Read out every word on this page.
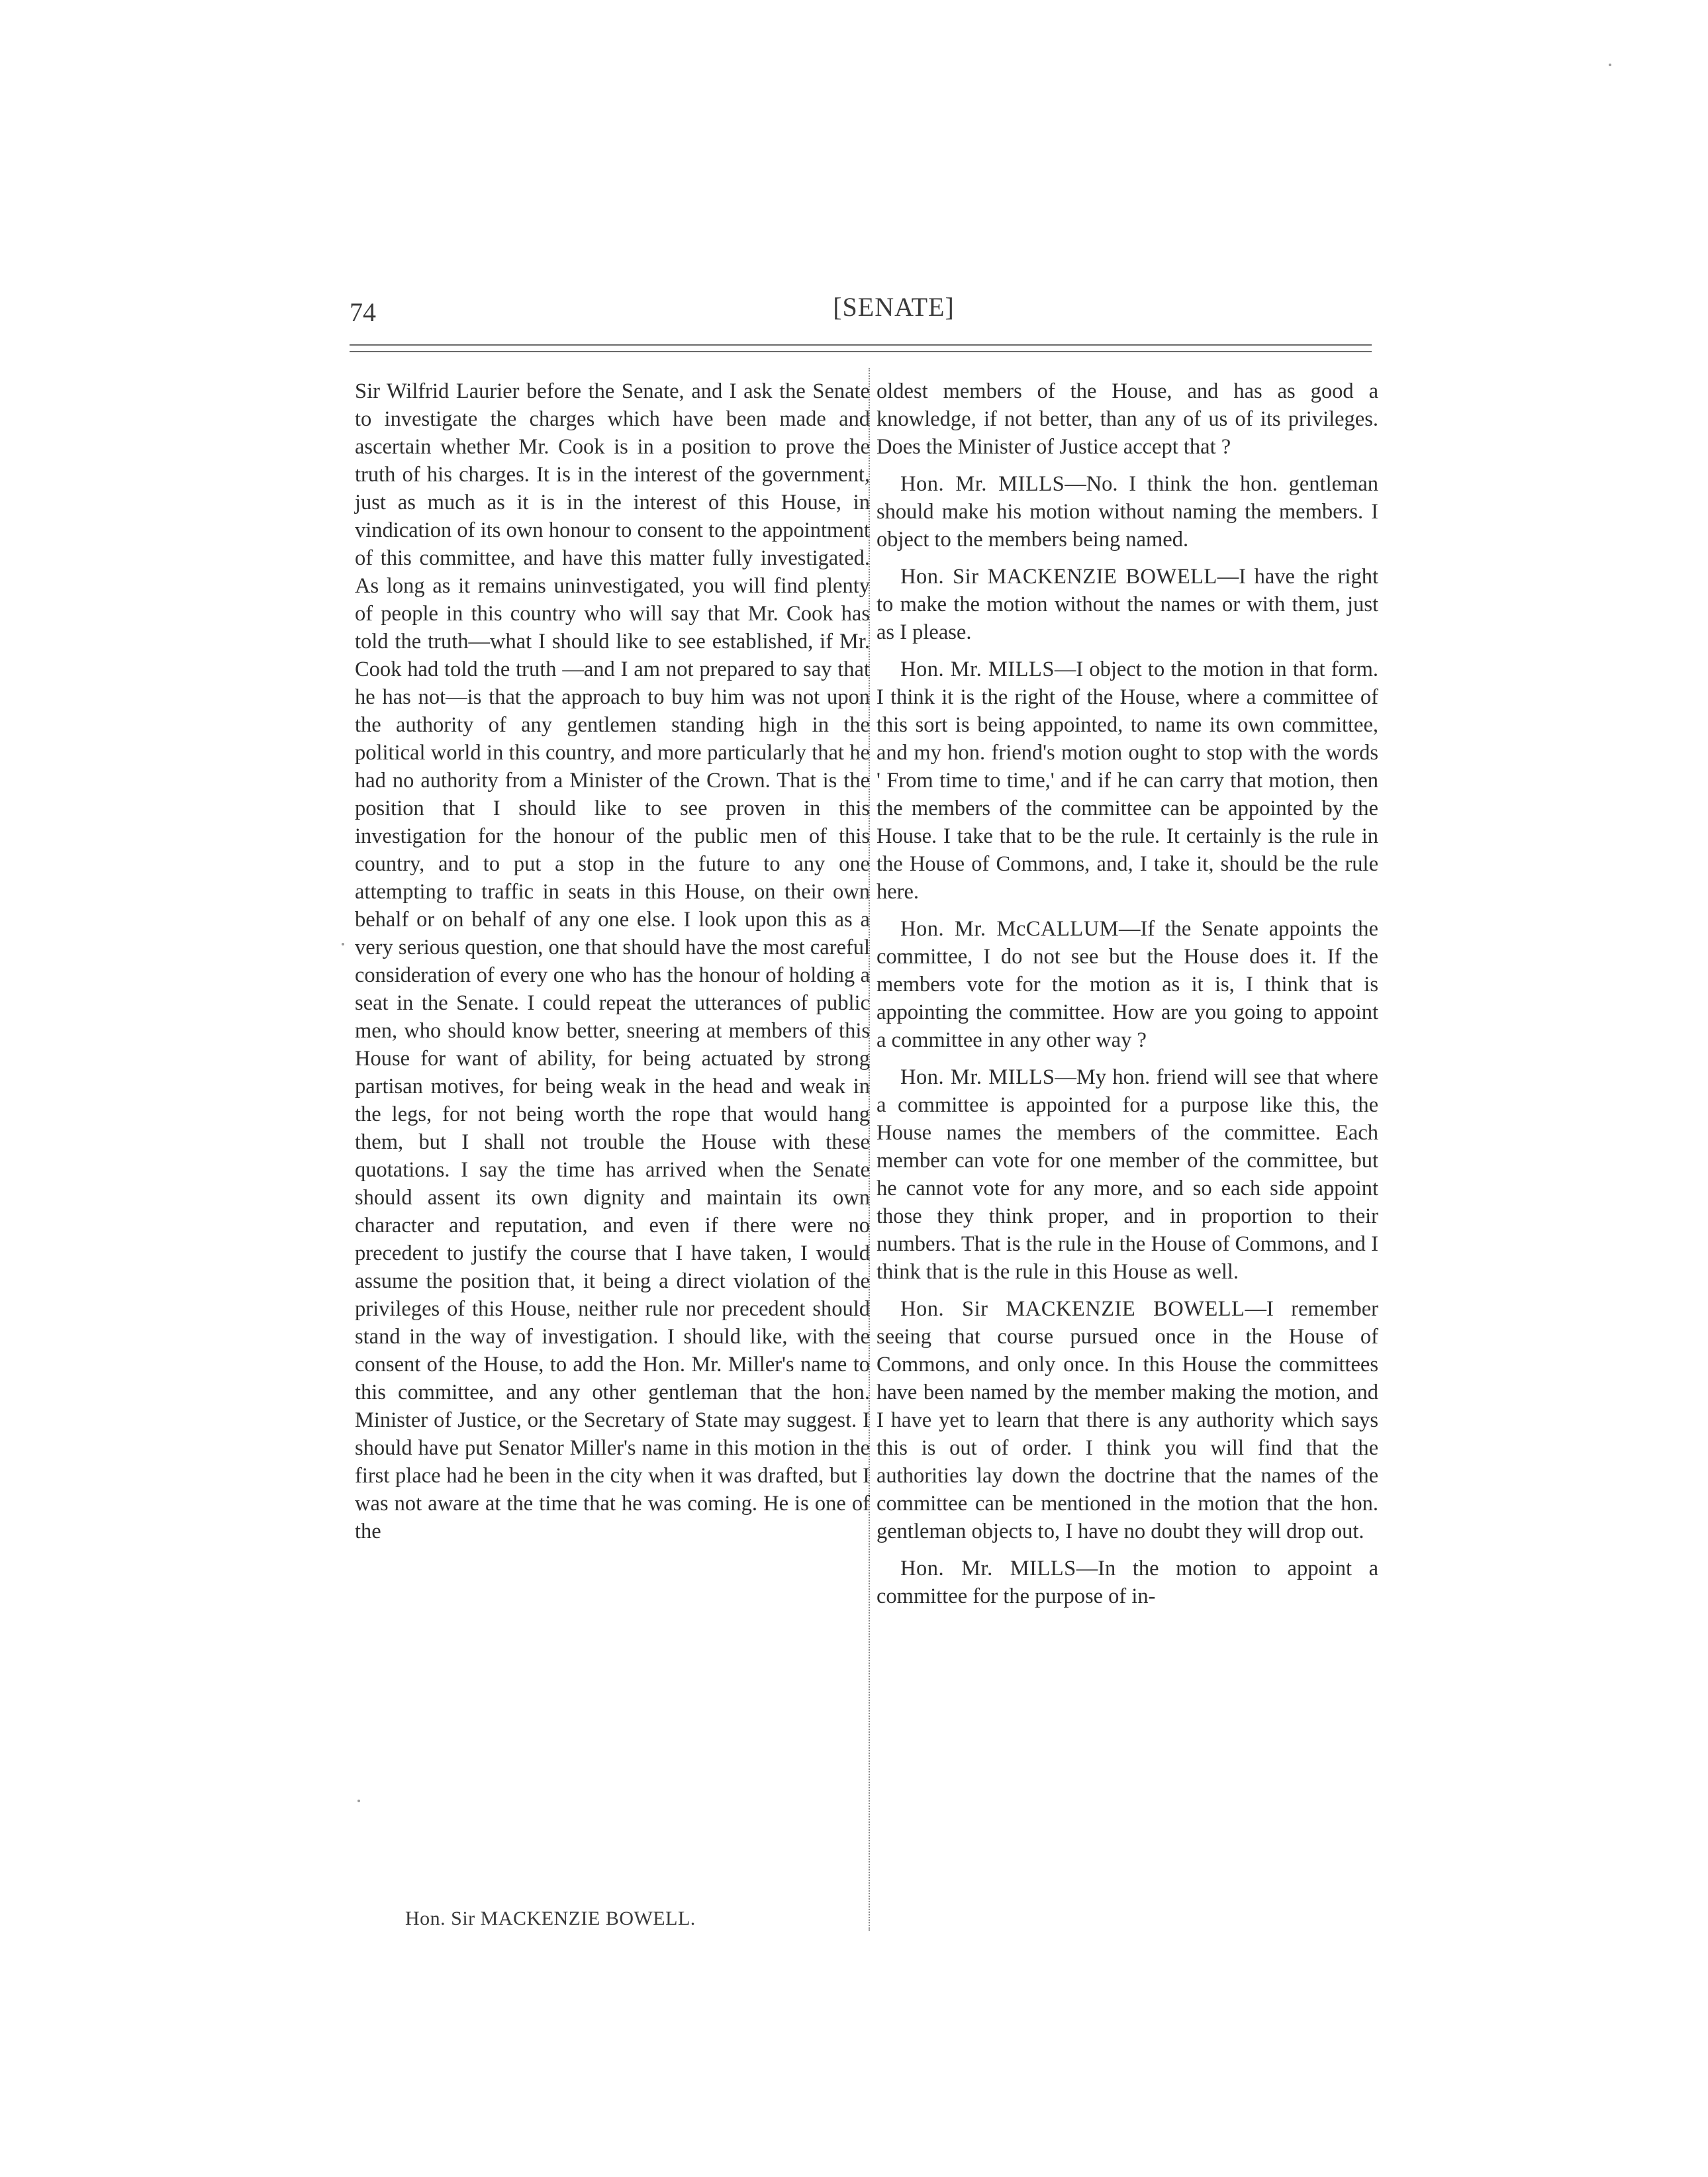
74	[SENATE]

Sir Wilfrid Laurier before the Senate, and I ask the Senate to investigate the charges which have been made and ascertain whether Mr. Cook is in a position to prove the truth of his charges. It is in the interest of the government, just as much as it is in the interest of this House, in vindication of its own honour to consent to the appointment of this committee, and have this matter fully investigated. As long as it remains uninvestigated, you will find plenty of people in this country who will say that Mr. Cook has told the truth—what I should like to see established, if Mr. Cook had told the truth —and I am not prepared to say that he has not—is that the approach to buy him was not upon the authority of any gentlemen standing high in the political world in this country, and more particularly that he had no authority from a Minister of the Crown. That is the position that I should like to see proven in this investigation for the honour of the public men of this country, and to put a stop in the future to any one attempting to traffic in seats in this House, on their own behalf or on behalf of any one else. I look upon this as a very serious question, one that should have the most careful consideration of every one who has the honour of holding a seat in the Senate. I could repeat the utterances of public men, who should know better, sneering at members of this House for want of ability, for being actuated by strong partisan motives, for being weak in the head and weak in the legs, for not being worth the rope that would hang them, but I shall not trouble the House with these quotations. I say the time has arrived when the Senate should assent its own dignity and maintain its own character and reputation, and even if there were no precedent to justify the course that I have taken, I would assume the position that, it being a direct violation of the privileges of this House, neither rule nor precedent should stand in the way of investigation. I should like, with the consent of the House, to add the Hon. Mr. Miller's name to this committee, and any other gentleman that the hon. Minister of Justice, or the Secretary of State may suggest. I should have put Senator Miller's name in this motion in the first place had he been in the city when it was drafted, but I was not aware at the time that he was coming. He is one of the

oldest members of the House, and has as good a knowledge, if not better, than any of us of its privileges. Does the Minister of Justice accept that ?

Hon. Mr. MILLS—No. I think the hon. gentleman should make his motion without naming the members. I object to the members being named.

Hon. Sir MACKENZIE BOWELL—I have the right to make the motion without the names or with them, just as I please.

Hon. Mr. MILLS—I object to the motion in that form. I think it is the right of the House, where a committee of this sort is being appointed, to name its own committee, and my hon. friend's motion ought to stop with the words ' From time to time,' and if he can carry that motion, then the members of the committee can be appointed by the House. I take that to be the rule. It certainly is the rule in the House of Commons, and, I take it, should be the rule here.

Hon. Mr. McCALLUM—If the Senate appoints the committee, I do not see but the House does it. If the members vote for the motion as it is, I think that is appointing the committee. How are you going to appoint a committee in any other way ?

Hon. Mr. MILLS—My hon. friend will see that where a committee is appointed for a purpose like this, the House names the members of the committee. Each member can vote for one member of the committee, but he cannot vote for any more, and so each side appoint those they think proper, and in proportion to their numbers. That is the rule in the House of Commons, and I think that is the rule in this House as well.

Hon. Sir MACKENZIE BOWELL—I remember seeing that course pursued once in the House of Commons, and only once. In this House the committees have been named by the member making the motion, and I have yet to learn that there is any authority which says this is out of order. I think you will find that the authorities lay down the doctrine that the names of the committee can be mentioned in the motion that the hon. gentleman objects to, I have no doubt they will drop out.

Hon. Mr. MILLS—In the motion to appoint a committee for the purpose of in-

Hon. Sir MACKENZIE BOWELL.
